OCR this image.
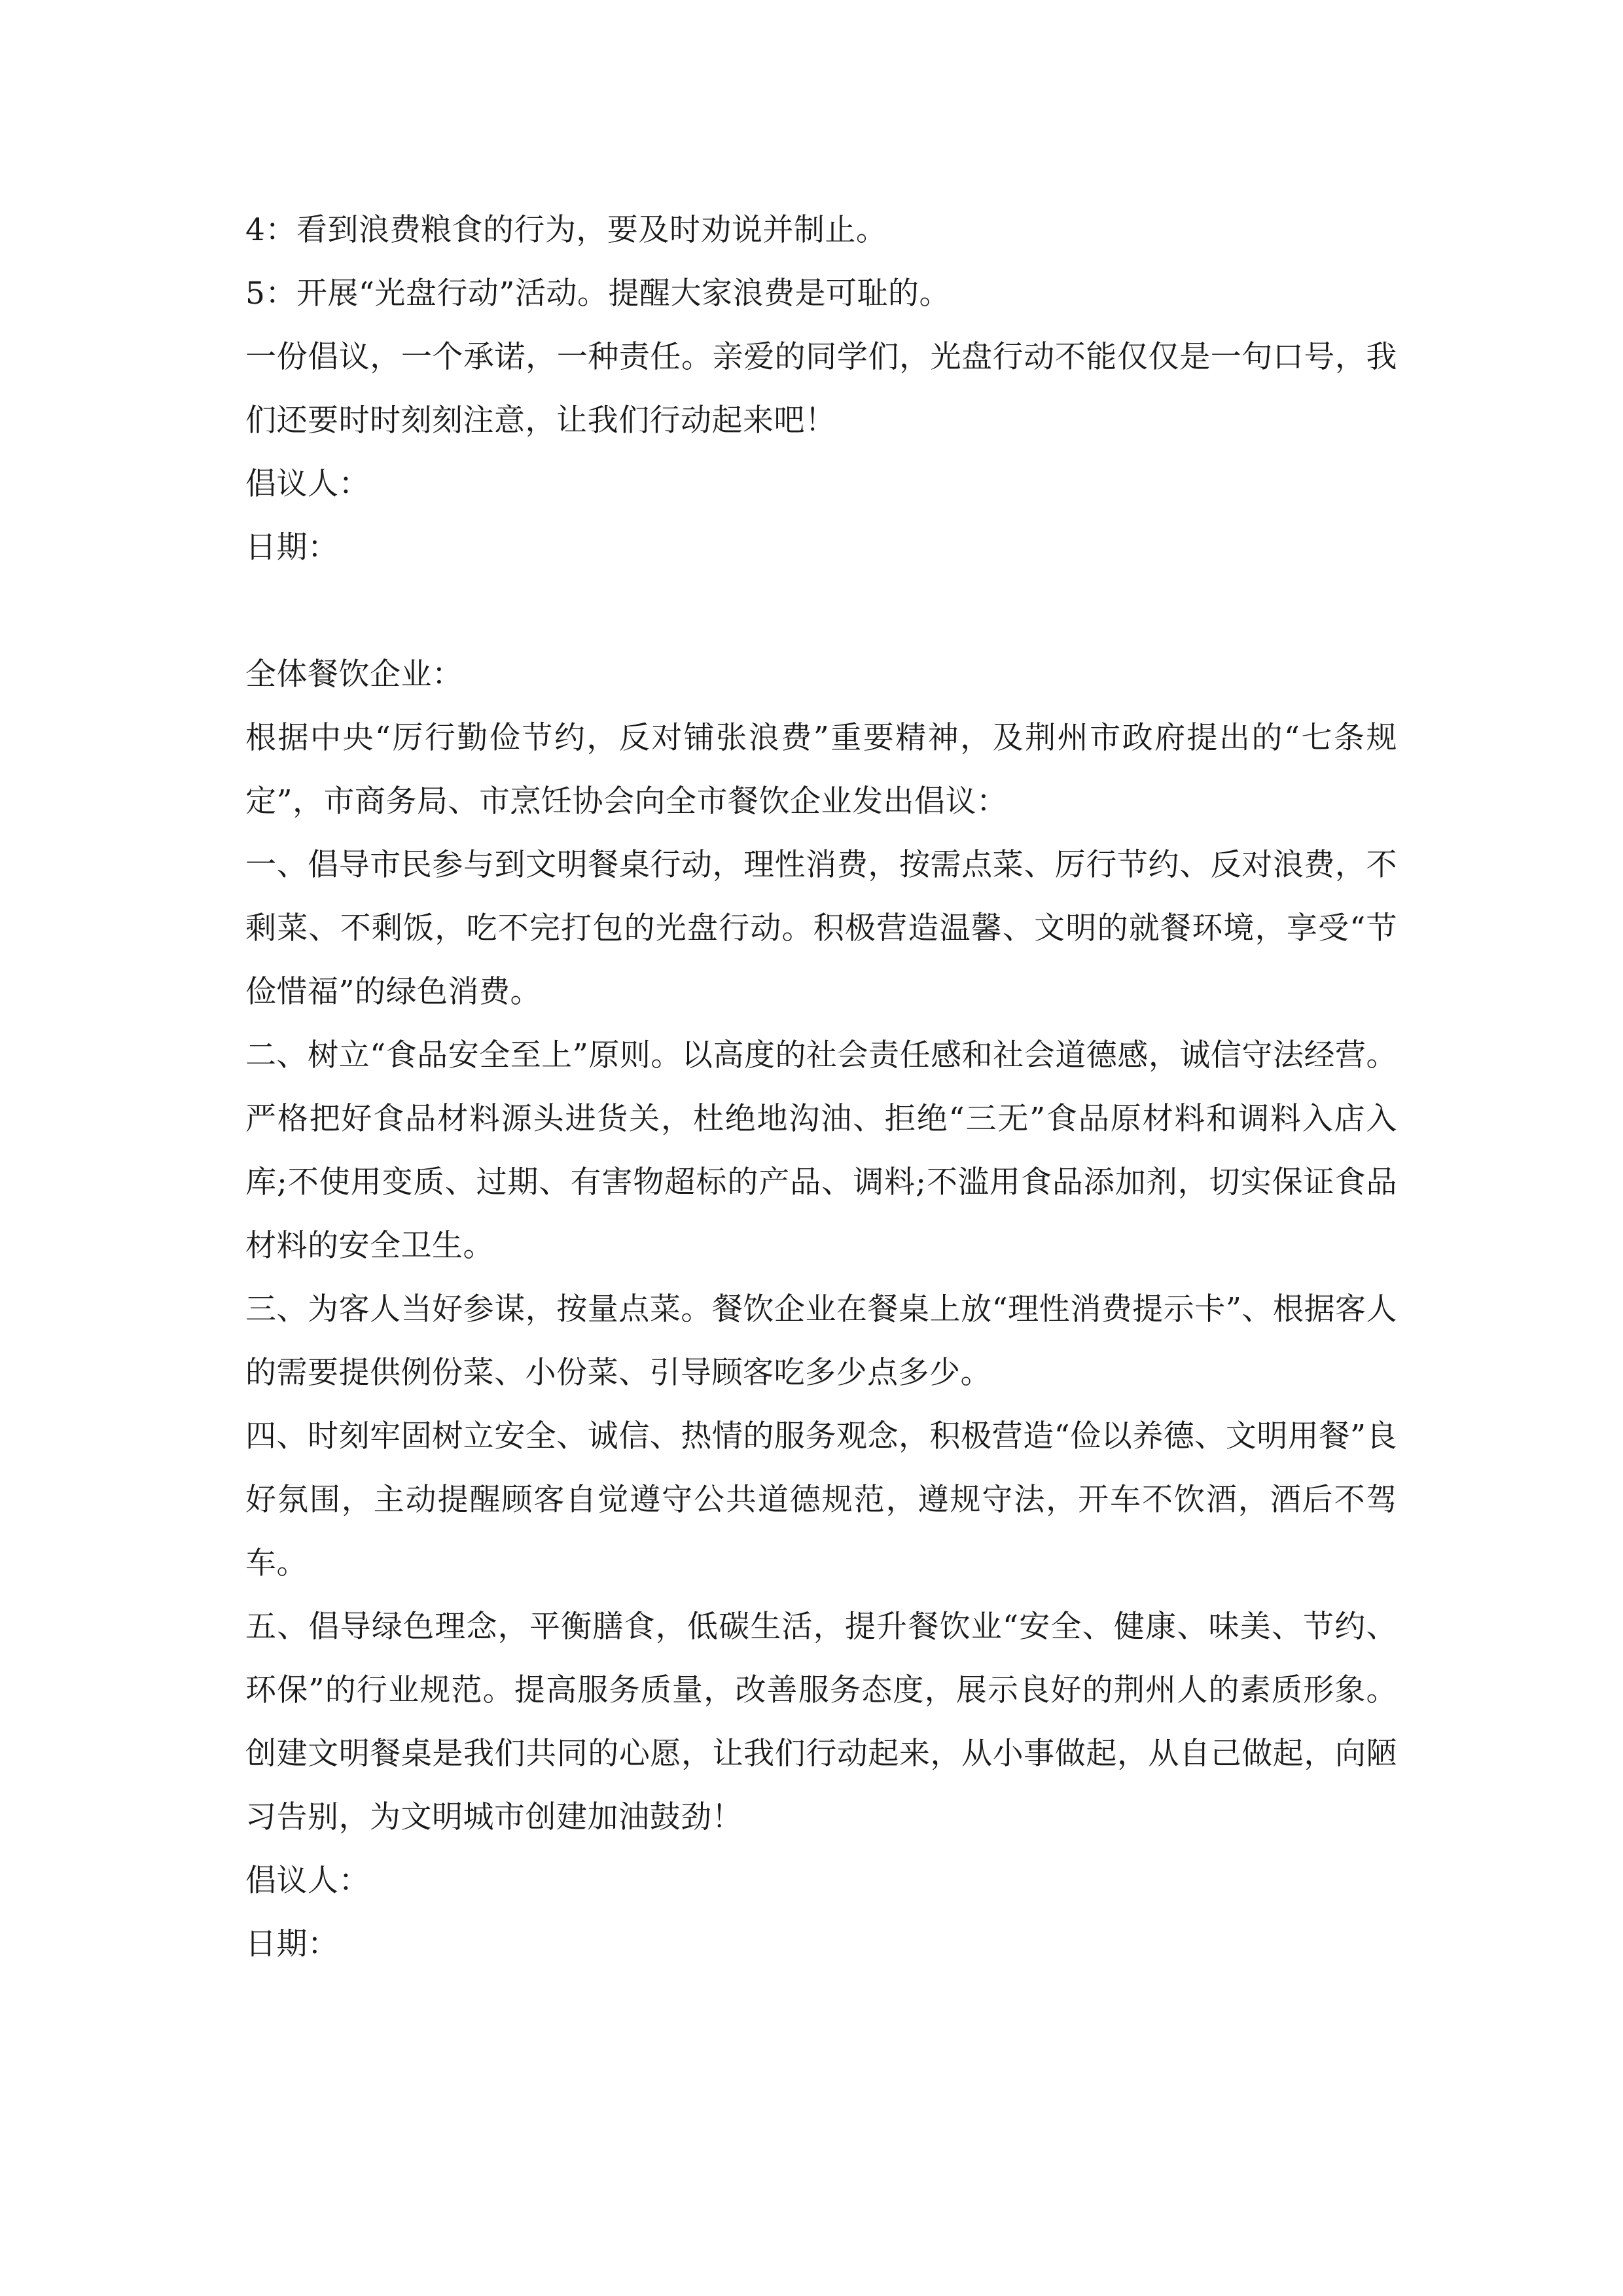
4：看到浪费粮食的行为，要及时劝说并制止。

5：开展“光盘行动”活动。提醒大家浪费是可耻的。

一份倡议，一个承诺，一种责任。亲爱的同学们，光盘行动不能仅仅是一句口号，我们还要时时刻刻注意，让我们行动起来吧！

倡议人：

日期：

全体餐饮企业：

根据中央“厉行勤俭节约，反对铺张浪费”重要精神，及荆州市政府提出的“七条规定”，市商务局、市烹饪协会向全市餐饮企业发出倡议：

一、倡导市民参与到文明餐桌行动，理性消费，按需点菜、厉行节约、反对浪费，不剩菜、不剩饭，吃不完打包的光盘行动。积极营造温馨、文明的就餐环境，享受“节俭惜福”的绿色消费。

二、树立“食品安全至上”原则。以高度的社会责任感和社会道德感，诚信守法经营。严格把好食品材料源头进货关，杜绝地沟油、拒绝“三无”食品原材料和调料入店入库;不使用变质、过期、有害物超标的产品、调料;不滥用食品添加剂，切实保证食品材料的安全卫生。

三、为客人当好参谋，按量点菜。餐饮企业在餐桌上放“理性消费提示卡”、根据客人的需要提供例份菜、小份菜、引导顾客吃多少点多少。

四、时刻牢固树立安全、诚信、热情的服务观念，积极营造“俭以养德、文明用餐”良好氛围，主动提醒顾客自觉遵守公共道德规范，遵规守法，开车不饮酒，酒后不驾车。

五、倡导绿色理念，平衡膳食，低碳生活，提升餐饮业“安全、健康、味美、节约、环保”的行业规范。提高服务质量，改善服务态度，展示良好的荆州人的素质形象。创建文明餐桌是我们共同的心愿，让我们行动起来，从小事做起，从自己做起，向陋习告别，为文明城市创建加油鼓劲！

倡议人：

日期：
